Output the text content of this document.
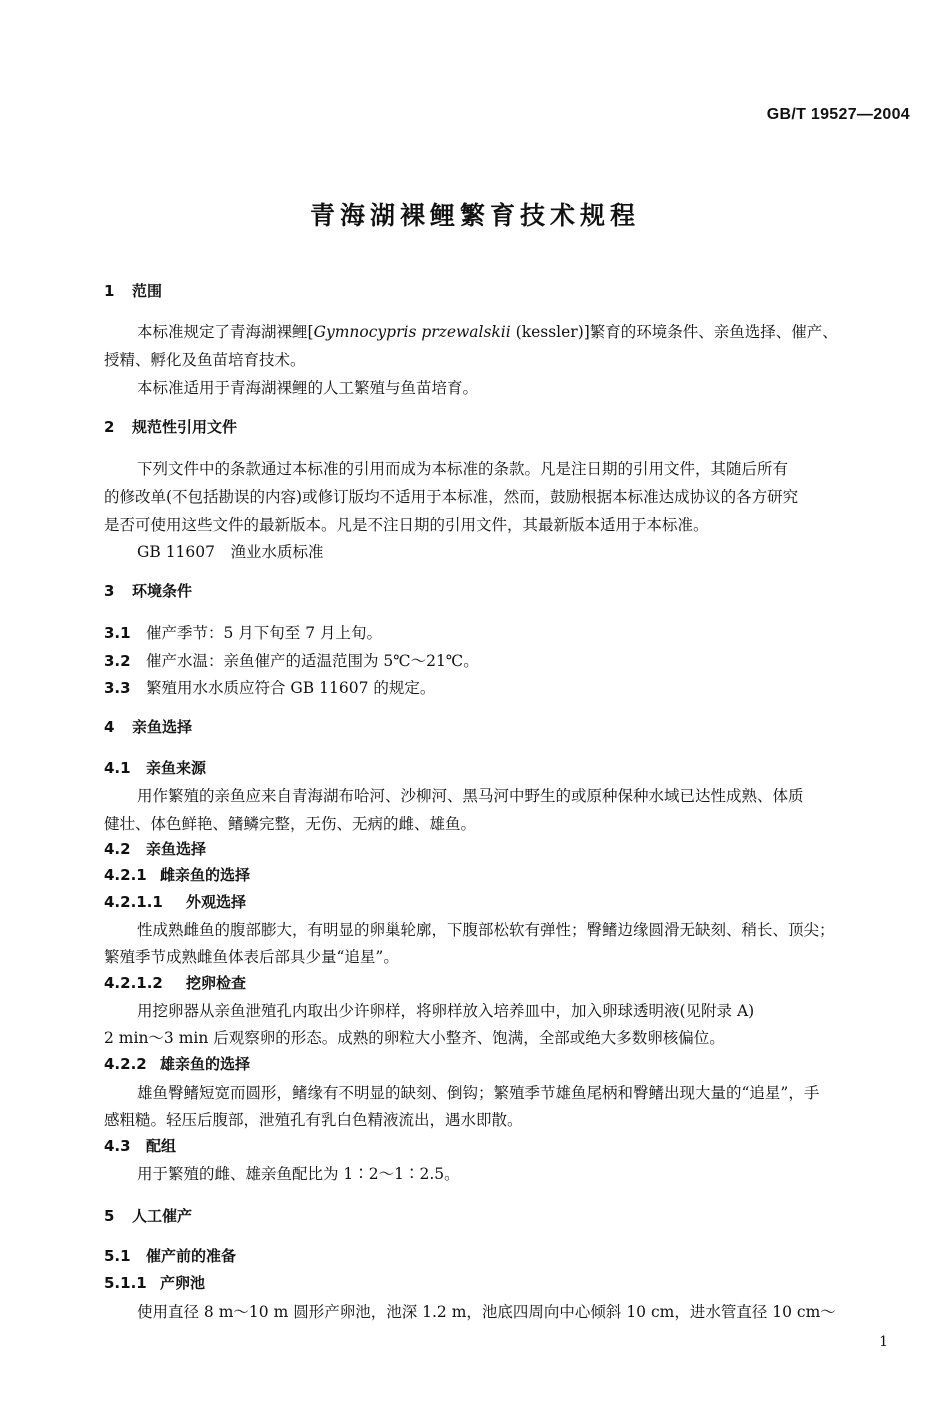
GB/T 19527—2004
青海湖裸鲤繁育技术规程
1 范围
本标准规定了青海湖裸鲤[Gymnocypris przewalskii (kessler)]繁育的环境条件、亲鱼选择、催产、
授精、孵化及鱼苗培育技术。
本标准适用于青海湖裸鲤的人工繁殖与鱼苗培育。
2 规范性引用文件
下列文件中的条款通过本标准的引用而成为本标准的条款。凡是注日期的引用文件，其随后所有
的修改单(不包括勘误的内容)或修订版均不适用于本标准，然而，鼓励根据本标准达成协议的各方研究
是否可使用这些文件的最新版本。凡是不注日期的引用文件，其最新版本适用于本标准。
GB 11607　渔业水质标准
3 环境条件
3.1 催产季节：5 月下旬至 7 月上旬。
3.2 催产水温：亲鱼催产的适温范围为 5℃～21℃。
3.3 繁殖用水水质应符合 GB 11607 的规定。
4 亲鱼选择
4.1 亲鱼来源
用作繁殖的亲鱼应来自青海湖布哈河、沙柳河、黑马河中野生的或原种保种水域已达性成熟、体质
健壮、体色鲜艳、鳍鳞完整，无伤、无病的雌、雄鱼。
4.2 亲鱼选择
4.2.1 雌亲鱼的选择
4.2.1.1 外观选择
性成熟雌鱼的腹部膨大，有明显的卵巢轮廓，下腹部松软有弹性；臀鳍边缘圆滑无缺刻、稍长、顶尖；
繁殖季节成熟雌鱼体表后部具少量“追星”。
4.2.1.2 挖卵检查
用挖卵器从亲鱼泄殖孔内取出少许卵样，将卵样放入培养皿中，加入卵球透明液(见附录 A)
2 min～3 min 后观察卵的形态。成熟的卵粒大小整齐、饱满，全部或绝大多数卵核偏位。
4.2.2 雄亲鱼的选择
雄鱼臀鳍短宽而圆形，鳍缘有不明显的缺刻、倒钩；繁殖季节雄鱼尾柄和臀鳍出现大量的“追星”，手
感粗糙。轻压后腹部，泄殖孔有乳白色精液流出，遇水即散。
4.3 配组
用于繁殖的雌、雄亲鱼配比为 1∶2～1∶2.5。
5 人工催产
5.1 催产前的准备
5.1.1 产卵池
使用直径 8 m～10 m 圆形产卵池，池深 1.2 m，池底四周向中心倾斜 10 cm，进水管直径 10 cm～
1
